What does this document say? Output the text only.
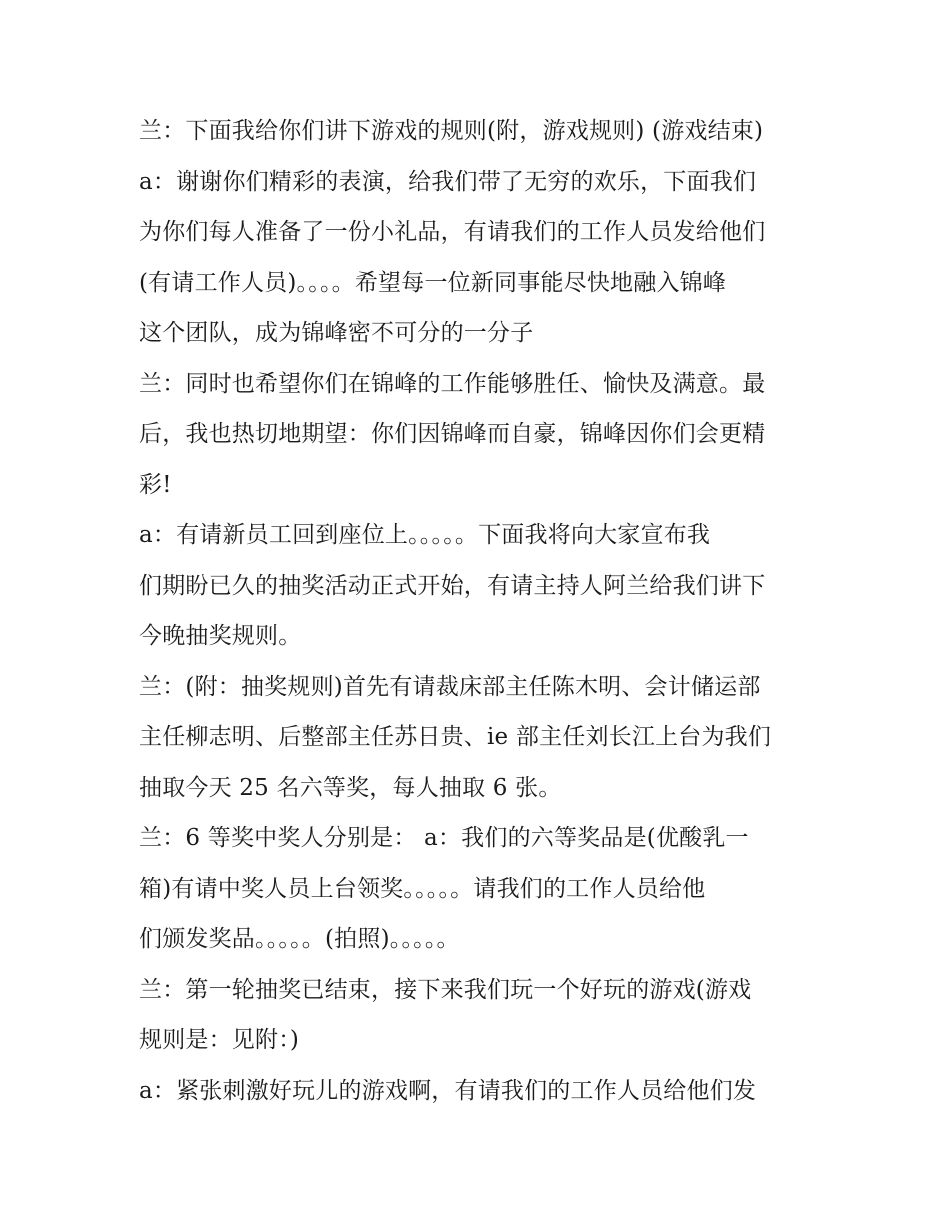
兰：下面我给你们讲下游戏的规则(附，游戏规则) (游戏结束)

a：谢谢你们精彩的表演，给我们带了无穷的欢乐，下面我们
为你们每人准备了一份小礼品，有请我们的工作人员发给他们
(有请工作人员)。。。。希望每一位新同事能尽快地融入锦峰
这个团队，成为锦峰密不可分的一分子

兰：同时也希望你们在锦峰的工作能够胜任、愉快及满意。最
后，我也热切地期望：你们因锦峰而自豪，锦峰因你们会更精
彩!

a：有请新员工回到座位上。。。。。下面我将向大家宣布我
们期盼已久的抽奖活动正式开始，有请主持人阿兰给我们讲下
今晚抽奖规则。

兰：(附：抽奖规则)首先有请裁床部主任陈木明、会计储运部
主任柳志明、后整部主任苏日贵、ie 部主任刘长江上台为我们
抽取今天 25 名六等奖，每人抽取 6 张。

兰：6 等奖中奖人分别是： a：我们的六等奖品是(优酸乳一
箱)有请中奖人员上台领奖。。。。。请我们的工作人员给他
们颁发奖品。。。。。(拍照)。。。。。

兰：第一轮抽奖已结束，接下来我们玩一个好玩的游戏(游戏
规则是：见附：)

a：紧张刺激好玩儿的游戏啊，有请我们的工作人员给他们发
